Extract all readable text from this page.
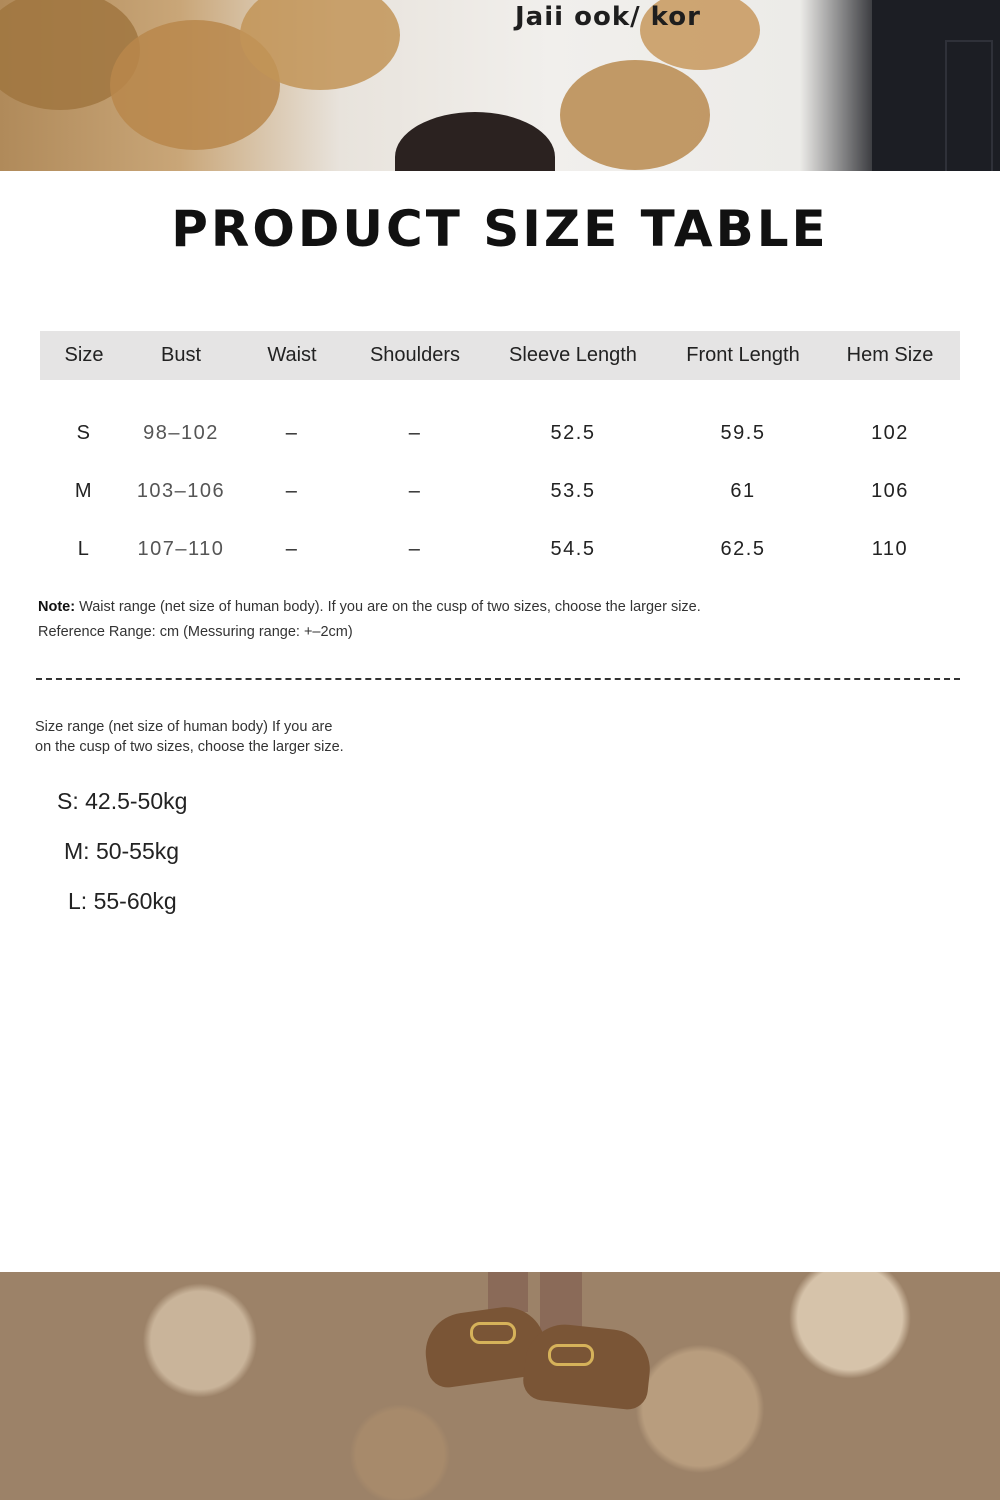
Jaii ook/ kor
PRODUCT SIZE TABLE
Size	Bust	Waist	Shoulders	Sleeve Length	Front Length	Hem Size
S	98–102	–	–	52.5	59.5	102
M	103–106	–	–	53.5	61	106
L	107–110	–	–	54.5	62.5	110
Note: Waist range (net size of human body). If you are on the cusp of two sizes, choose the larger size.
Reference Range: cm (Messuring range: +–2cm)
Size range (net size of human body) If you are
on the cusp of two sizes, choose the larger size.
S: 42.5-50kg
M: 50-55kg
L: 55-60kg
